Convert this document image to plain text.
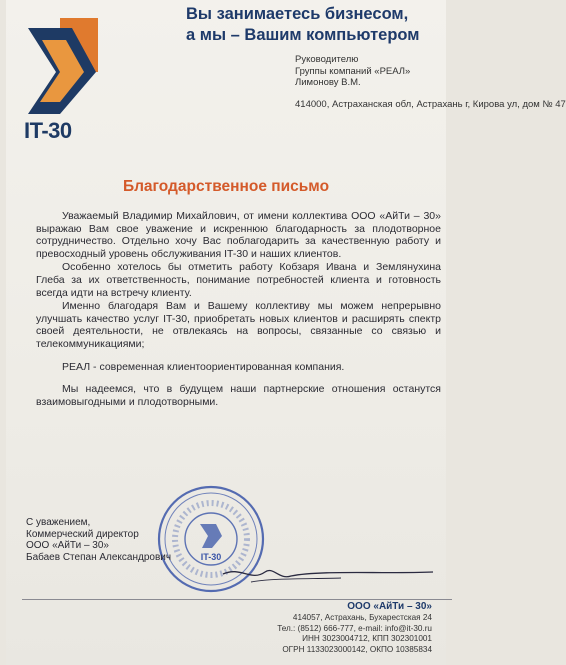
IT-30
Вы занимаетесь бизнесом,
а мы – Вашим компьютером
Руководителю
Группы компаний «РЕАЛ»
Лимонову В.М.
414000, Астраханская обл, Астрахань г, Кирова ул, дом № 47
Благодарственное письмо

Уважаемый Владимир Михайлович, от имени коллектива ООО «АйТи – 30» выражаю Вам свое уважение и искреннюю благодарность за плодотворное сотрудничество. Отдельно хочу Вас поблагодарить за качественную работу и превосходный уровень обслуживания IT-30 и наших клиентов.

Особенно хотелось бы отметить работу Кобзаря Ивана и Землянухина Глеба за их ответственность, понимание потребностей клиента и готовность всегда идти на встречу клиенту.

Именно благодаря Вам и Вашему коллективу мы можем непрерывно улучшать качество услуг IT-30, приобретать новых клиентов и расширять спектр своей деятельности, не отвлекаясь на вопросы, связанные со связью и телекоммуникациями;

РЕАЛ - современная клиентоориентированная компания.

Мы надеемся, что в будущем наши партнерские отношения останутся взаимовыгодными и плодотворными.

IT-30
С уважением,
Коммерческий директор
ООО «АйТи – 30»
Бабаев Степан Александрович
ООО «АйТи – 30»
414057, Астрахань, Бухарестская 24
Тел.: (8512) 666-777, e-mail: info@it-30.ru
ИНН 3023004712, КПП 302301001
ОГРН 1133023000142, ОКПО 10385834
